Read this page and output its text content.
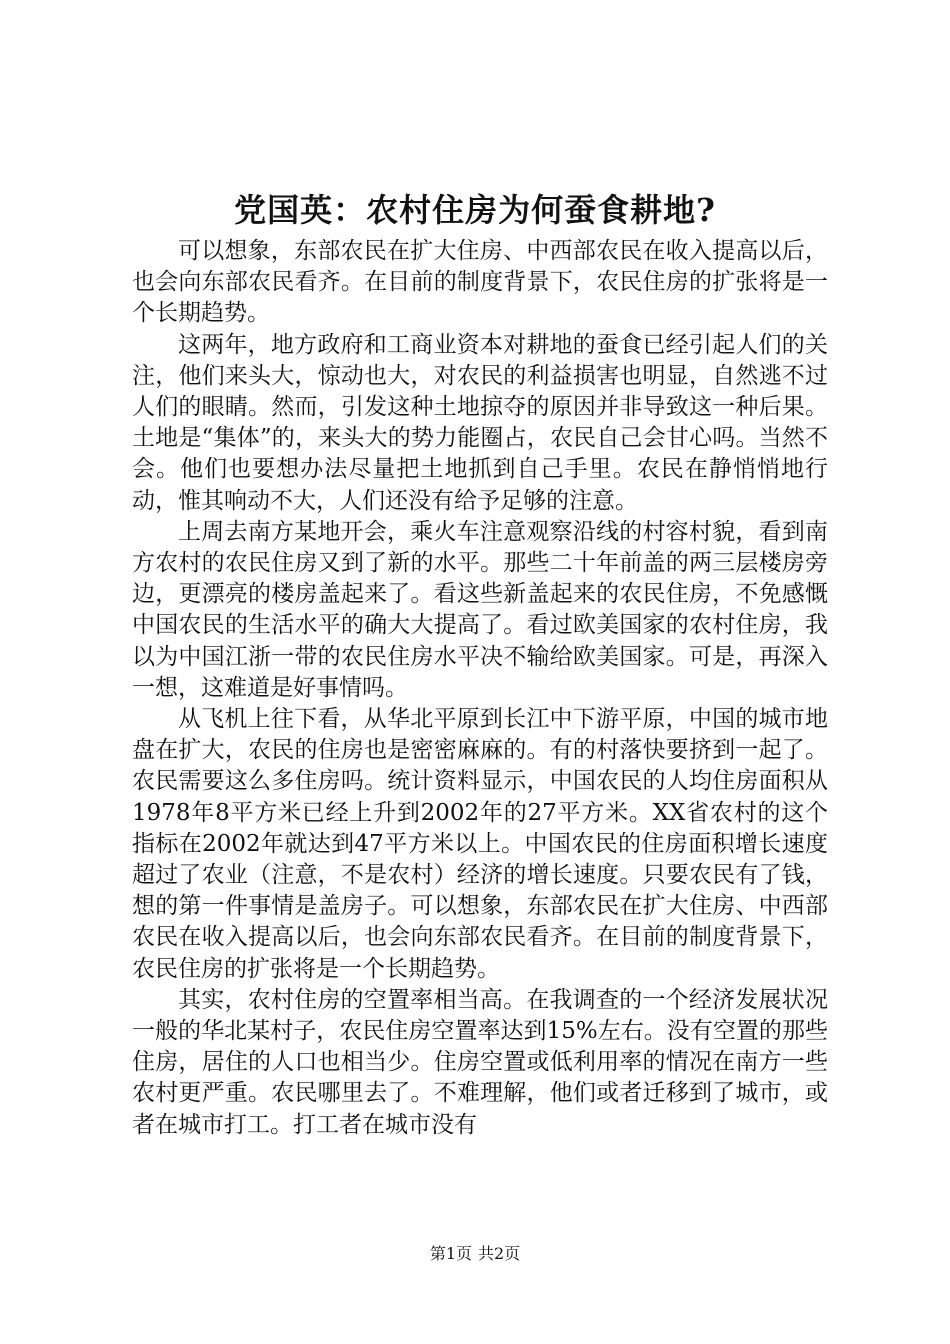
党国英：农村住房为何蚕食耕地?

可以想象，东部农民在扩大住房、中西部农民在收入提高以后，也会向东部农民看齐。在目前的制度背景下，农民住房的扩张将是一个长期趋势。

这两年，地方政府和工商业资本对耕地的蚕食已经引起人们的关注，他们来头大，惊动也大，对农民的利益损害也明显，自然逃不过人们的眼睛。然而，引发这种土地掠夺的原因并非导致这一种后果。土地是“集体”的，来头大的势力能圈占，农民自己会甘心吗。当然不会。他们也要想办法尽量把土地抓到自己手里。农民在静悄悄地行动，惟其响动不大，人们还没有给予足够的注意。

上周去南方某地开会，乘火车注意观察沿线的村容村貌，看到南方农村的农民住房又到了新的水平。那些二十年前盖的两三层楼房旁边，更漂亮的楼房盖起来了。看这些新盖起来的农民住房，不免感慨中国农民的生活水平的确大大提高了。看过欧美国家的农村住房，我以为中国江浙一带的农民住房水平决不输给欧美国家。可是，再深入一想，这难道是好事情吗。

从飞机上往下看，从华北平原到长江中下游平原，中国的城市地盘在扩大，农民的住房也是密密麻麻的。有的村落快要挤到一起了。农民需要这么多住房吗。统计资料显示，中国农民的人均住房面积从1978年8平方米已经上升到2002年的27平方米。XX省农村的这个指标在2002年就达到47平方米以上。中国农民的住房面积增长速度超过了农业（注意，不是农村）经济的增长速度。只要农民有了钱，想的第一件事情是盖房子。可以想象，东部农民在扩大住房、中西部农民在收入提高以后，也会向东部农民看齐。在目前的制度背景下，农民住房的扩张将是一个长期趋势。

其实，农村住房的空置率相当高。在我调查的一个经济发展状况一般的华北某村子，农民住房空置率达到15%左右。没有空置的那些住房，居住的人口也相当少。住房空置或低利用率的情况在南方一些农村更严重。农民哪里去了。不难理解，他们或者迁移到了城市，或者在城市打工。打工者在城市没有

第1页 共2页
